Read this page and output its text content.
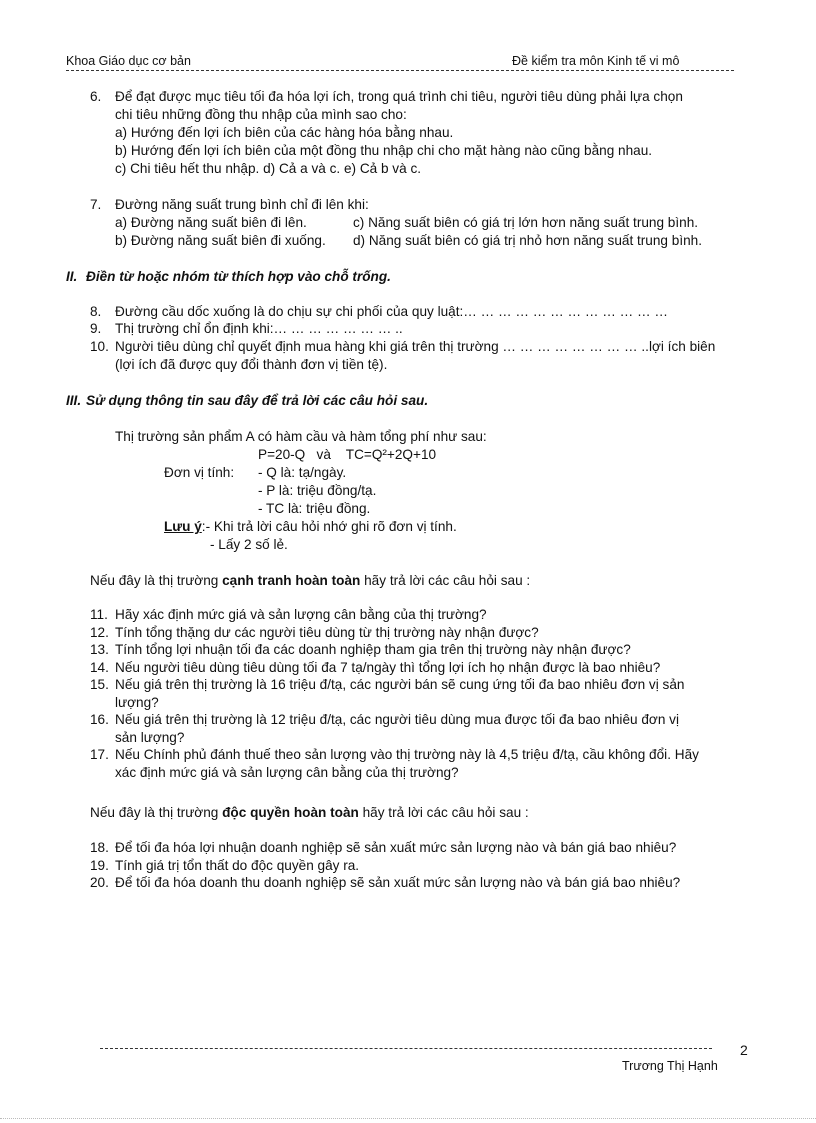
Khoa Giáo dục cơ bản	Đề kiểm tra môn Kinh tế vi mô
6. Để đạt được mục tiêu tối đa hóa lợi ích, trong quá trình chi tiêu, người tiêu dùng phải lựa chọn
chi tiêu những đồng thu nhập của mình sao cho:
a) Hướng đến lợi ích biên của các hàng hóa bằng nhau.
b) Hướng đến lợi ích biên của một đồng thu nhập chi cho mặt hàng nào cũng bằng nhau.
c) Chi tiêu hết thu nhập. d) Cả a và c. e) Cả b và c.
7. Đường năng suất trung bình chỉ đi lên khi:
a) Đường năng suất biên đi lên.	c) Năng suất biên có giá trị lớn hơn năng suất trung bình.
b) Đường năng suất biên đi xuống. d) Năng suất biên có giá trị nhỏ hơn năng suất trung bình.
II. Điền từ hoặc nhóm từ thích hợp vào chỗ trống.
8. Đường cầu dốc xuống là do chịu sự chi phối của quy luật:… … … … … … … … … … … …
9. Thị trường chỉ ổn định khi:… … … … … … … ..
10. Người tiêu dùng chỉ quyết định mua hàng khi giá trên thị trường … … … … … … … … ..lợi ích biên
(lợi ích đã được quy đổi thành đơn vị tiền tệ).
III. Sử dụng thông tin sau đây để trả lời các câu hỏi sau.
Thị trường sản phẩm A có hàm cầu và hàm tổng phí như sau:
P=20-Q   và    TC=Q²+2Q+10
Đơn vị tính: - Q là: tạ/ngày.
- P là: triệu đồng/tạ.
- TC là: triệu đồng.
Lưu ý:- Khi trả lời câu hỏi nhớ ghi rõ đơn vị tính.
- Lấy 2 số lẻ.
Nếu đây là thị trường cạnh tranh hoàn toàn hãy trả lời các câu hỏi sau :
11. Hãy xác định mức giá và sản lượng cân bằng của thị trường?
12. Tính tổng thặng dư các người tiêu dùng từ thị trường này nhận được?
13. Tính tổng lợi nhuận tối đa các doanh nghiệp tham gia trên thị trường này nhận được?
14. Nếu người tiêu dùng tiêu dùng tối đa 7 tạ/ngày thì tổng lợi ích họ nhận được là bao nhiêu?
15. Nếu giá trên thị trường là 16 triệu đ/tạ, các người bán sẽ cung ứng tối đa bao nhiêu đơn vị sản
lượng?
16. Nếu giá trên thị trường là 12 triệu đ/tạ, các người tiêu dùng mua được tối đa bao nhiêu đơn vị
sản lượng?
17. Nếu Chính phủ đánh thuế theo sản lượng vào thị trường này là 4,5 triệu đ/tạ, cầu không đổi. Hãy
xác định mức giá và sản lượng cân bằng của thị trường?
Nếu đây là thị trường độc quyền hoàn toàn hãy trả lời các câu hỏi sau :
18. Để tối đa hóa lợi nhuận doanh nghiệp sẽ sản xuất mức sản lượng nào và bán giá bao nhiêu?
19. Tính giá trị tổn thất do độc quyền gây ra.
20. Để tối đa hóa doanh thu doanh nghiệp sẽ sản xuất mức sản lượng nào và bán giá bao nhiêu?
2
Trương Thị Hạnh
